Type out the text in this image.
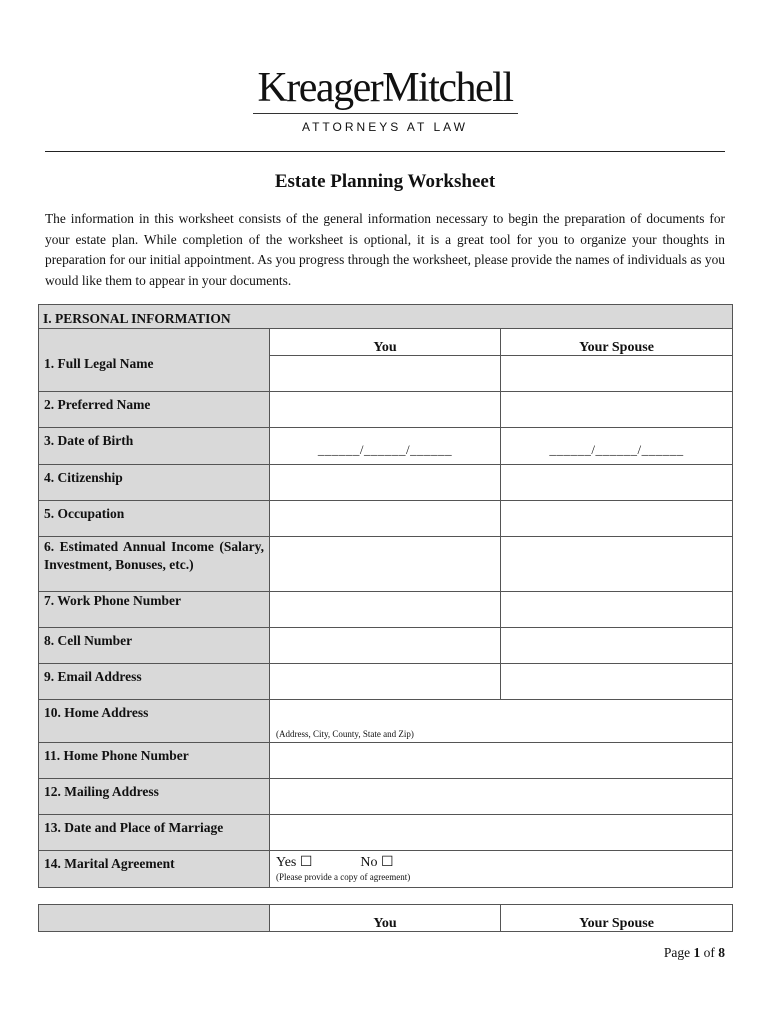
KreagerMitchell
ATTORNEYS AT LAW
Estate Planning Worksheet

The information in this worksheet consists of the general information necessary to begin the preparation of documents for your estate plan. While completion of the worksheet is optional, it is a great tool for you to organize your thoughts in preparation for our initial appointment. As you progress through the worksheet, please provide the names of individuals as you would like them to appear in your documents.

I. PERSONAL INFORMATION		

1. Full Legal Name	You	Your Spouse

2. Preferred Name		
3. Date of Birth	______/______/______	______/______/______

4. Citizenship		
5. Occupation		
6. Estimated Annual Income (Salary, Investment, Bonuses, etc.)		
7. Work Phone Number		
8. Cell Number		
9. Email Address		
10. Home Address	(Address, City, County, State and Zip)	

11. Home Phone Number		
12. Mailing Address		
13. Date and Place of Marriage		
14. Marital Agreement	Yes ☐ No ☐
(Please provide a copy of agreement)	
	You	Your Spouse
Page 1 of 8
